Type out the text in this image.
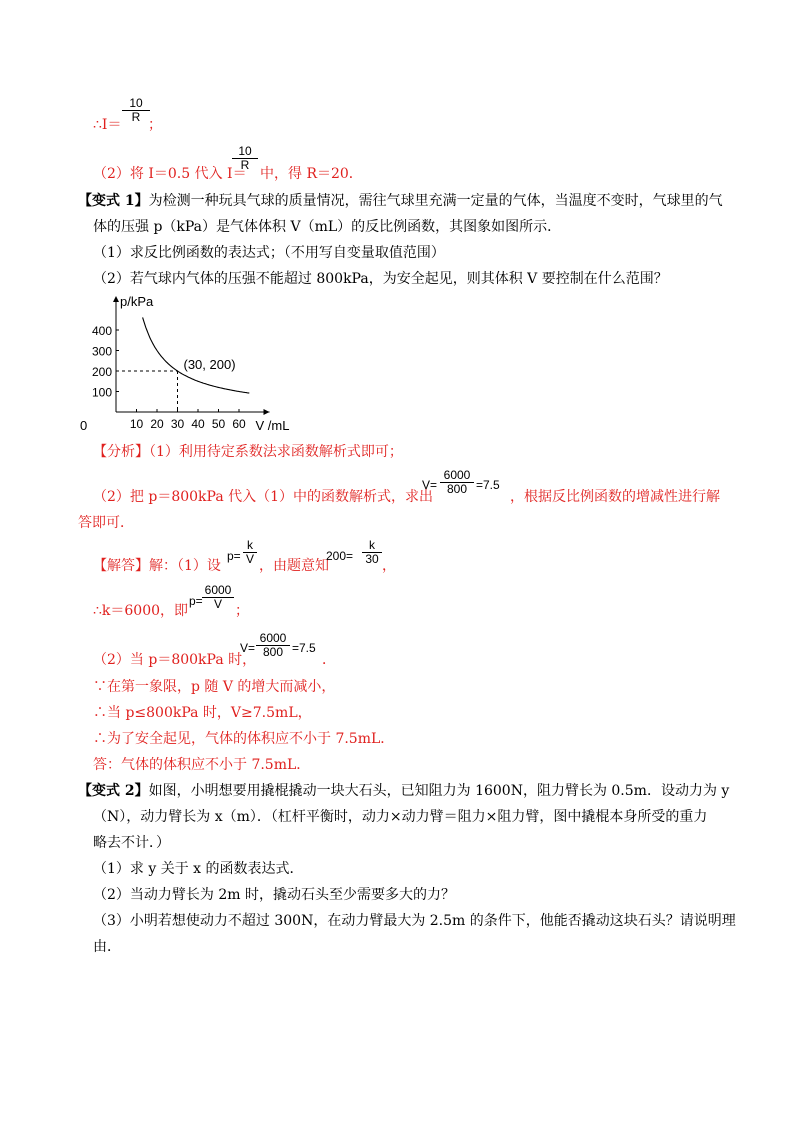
10
R
∴I＝ ；
（2）将 I＝0.5 代入 I＝
10
R
中，得 R＝20．
【变式 1】为检测一种玩具气球的质量情况，需往气球里充满一定量的气体，当温度不变时，气球里的气
体的压强 p（kPa）是气体体积 V（mL）的反比例函数，其图象如图所示．
（1）求反比例函数的表达式；（不用写自变量取值范围）
（2）若气球内气体的压强不能超过 800kPa，为安全起见，则其体积 V 要控制在什么范围？
p/kPa
V /mL
0	10 20 30 40 50 60
100
200
300
400
(30, 200)
【分析】（1）利用待定系数法求函数解析式即可；
（2）把 p＝800kPa 代入（1）中的函数解析式，求出
V=
6000
800 =7.5
，根据反比例函数的增减性进行解
答即可．
【解答】解：（1）设
p=
k
V ，由题意知
200=
k
30 ，
∴k＝6000，即
p=
6000
V ；
（2）当 p＝800kPa 时，
V=
6000
800 =7.5
．
∵在第一象限，p 随 V 的增大而减小，
∴当 p≤800kPa 时，V≥7.5mL，
∴为了安全起见，气体的体积应不小于 7.5mL．
答：气体的体积应不小于 7.5mL．
【变式 2】如图，小明想要用撬棍撬动一块大石头，已知阻力为 1600N，阻力臂长为 0.5m．设动力为 y
（N），动力臂长为 x（m）．（杠杆平衡时，动力×动力臂＝阻力×阻力臂，图中撬棍本身所受的重力
略去不计．）
（1）求 y 关于 x 的函数表达式．
（2）当动力臂长为 2m 时，撬动石头至少需要多大的力？
（3）小明若想使动力不超过 300N，在动力臂最大为 2.5m 的条件下，他能否撬动这块石头？请说明理
由．
